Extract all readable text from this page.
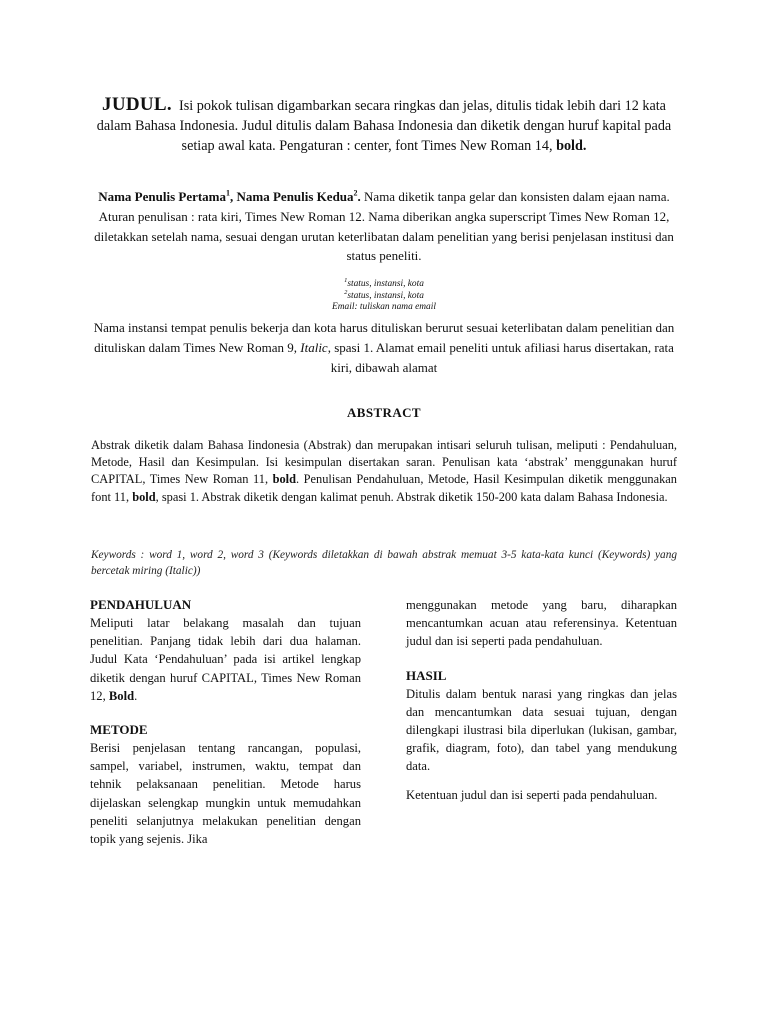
JUDUL. Isi pokok tulisan digambarkan secara ringkas dan jelas, ditulis tidak lebih dari 12 kata dalam Bahasa Indonesia. Judul ditulis dalam Bahasa Indonesia dan diketik dengan huruf kapital pada setiap awal kata. Pengaturan : center, font Times New Roman 14, bold.
Nama Penulis Pertama$^1$, Nama Penulis Kedua$^2$. Nama diketik tanpa gelar dan konsisten dalam ejaan nama. Aturan penulisan : rata kiri, Times New Roman 12. Nama diberikan angka superscript Times New Roman 12, diletakkan setelah nama, sesuai dengan urutan keterlibatan dalam penelitian yang berisi penjelasan institusi dan status peneliti.
$^1$status, instansi, kota
$^2$status, instansi, kota
Email: tuliskan nama email
Nama instansi tempat penulis bekerja dan kota harus dituliskan berurut sesuai keterlibatan dalam penelitian dan dituliskan dalam Times New Roman 9, Italic, spasi 1. Alamat email peneliti untuk afiliasi harus disertakan, rata kiri, dibawah alamat
ABSTRACT
Abstrak diketik dalam Bahasa Iindonesia (Abstrak) dan merupakan intisari seluruh tulisan, meliputi : Pendahuluan, Metode, Hasil dan Kesimpulan. Isi kesimpulan disertakan saran. Penulisan kata ‘abstrak’ menggunakan huruf CAPITAL, Times New Roman 11, bold. Penulisan Pendahuluan, Metode, Hasil Kesimpulan diketik menggunakan font 11, bold, spasi 1. Abstrak diketik dengan kalimat penuh. Abstrak diketik 150-200 kata dalam Bahasa Indonesia.
Keywords : word 1, word 2, word 3 (Keywords diletakkan di bawah abstrak memuat 3-5 kata-kata kunci (Keywords) yang bercetak miring (Italic))

PENDAHULUAN

Meliputi latar belakang masalah dan tujuan penelitian. Panjang tidak lebih dari dua halaman. Judul Kata ‘Pendahuluan’ pada isi artikel lengkap diketik dengan huruf CAPITAL, Times New Roman 12, Bold.

METODE

Berisi penjelasan tentang rancangan, populasi, sampel, variabel, instrumen, waktu, tempat dan tehnik pelaksanaan penelitian. Metode harus dijelaskan selengkap mungkin untuk memudahkan peneliti selanjutnya melakukan penelitian dengan topik yang sejenis. Jika

menggunakan metode yang baru, diharapkan mencantumkan acuan atau referensinya. Ketentuan judul dan isi seperti pada pendahuluan.

HASIL

Ditulis dalam bentuk narasi yang ringkas dan jelas dan mencantumkan data sesuai tujuan, dengan dilengkapi ilustrasi bila diperlukan (lukisan, gambar, grafik, diagram, foto), dan tabel yang mendukung data.

Ketentuan judul dan isi seperti pada pendahuluan.
